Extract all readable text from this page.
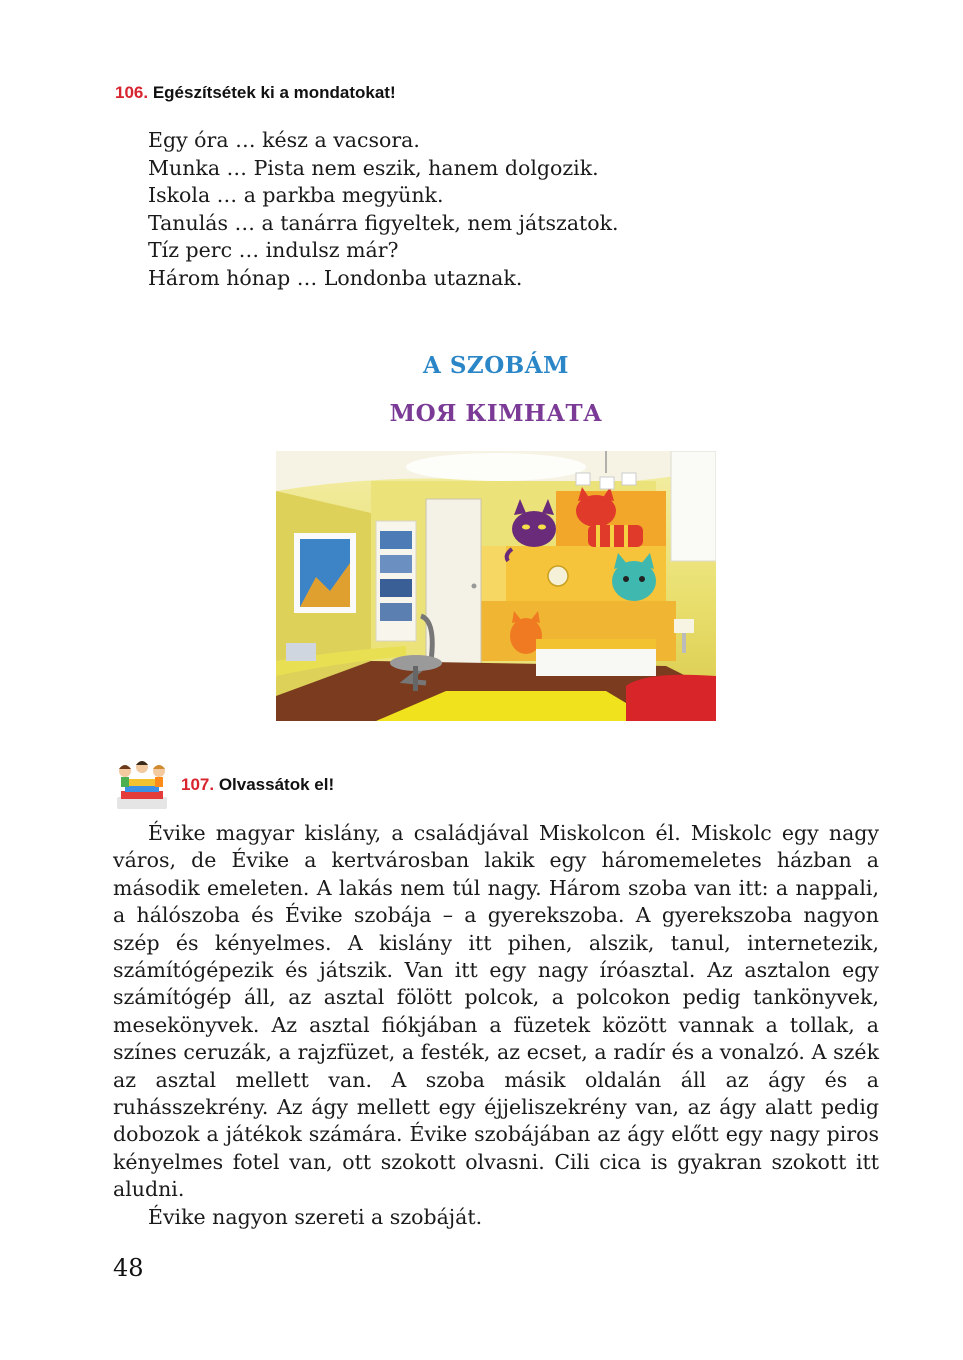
106. Egészítsétek ki a mondatokat!
Egy óra … kész a vacsora.
Munka … Pista nem eszik, hanem dolgozik.
Iskola … a parkba megyünk.
Tanulás … a tanárra figyeltek, nem játszatok.
Tíz perc … indulsz már?
Három hónap … Londonba utaznak.
A SZOBÁM
МОЯ КІМНАТА
107. Olvassátok el!

Évike magyar kislány, a családjával Miskolcon él. Miskolc egy nagy város, de Évike a kertvárosban lakik egy háromemeletes házban a második emeleten. A lakás nem túl nagy. Három szoba van itt: a nappali, a hálószoba és Évike szobája – a gyerekszoba. A gyerekszoba nagyon szép és kényelmes. A kislány itt pihen, alszik, tanul, internetezik, számítógépezik és játszik. Van itt egy nagy íróasztal. Az asztalon egy számítógép áll, az asztal fölött polcok, a polcokon pedig tankönyvek, mesekönyvek. Az asztal fiókjában a füzetek között vannak a tollak, a színes ceruzák, a rajzfüzet, a festék, az ecset, a radír és a vonalzó. A szék az asztal mellett van. A szoba másik oldalán áll az ágy és a ruhásszekrény. Az ágy mellett egy éjjeliszekrény van, az ágy alatt pedig dobozok a játékok számára. Évike szobájában az ágy előtt egy nagy piros kényelmes fotel van, ott szokott olvasni. Cili cica is gyakran szokott itt aludni.

Évike nagyon szereti a szobáját.

48
